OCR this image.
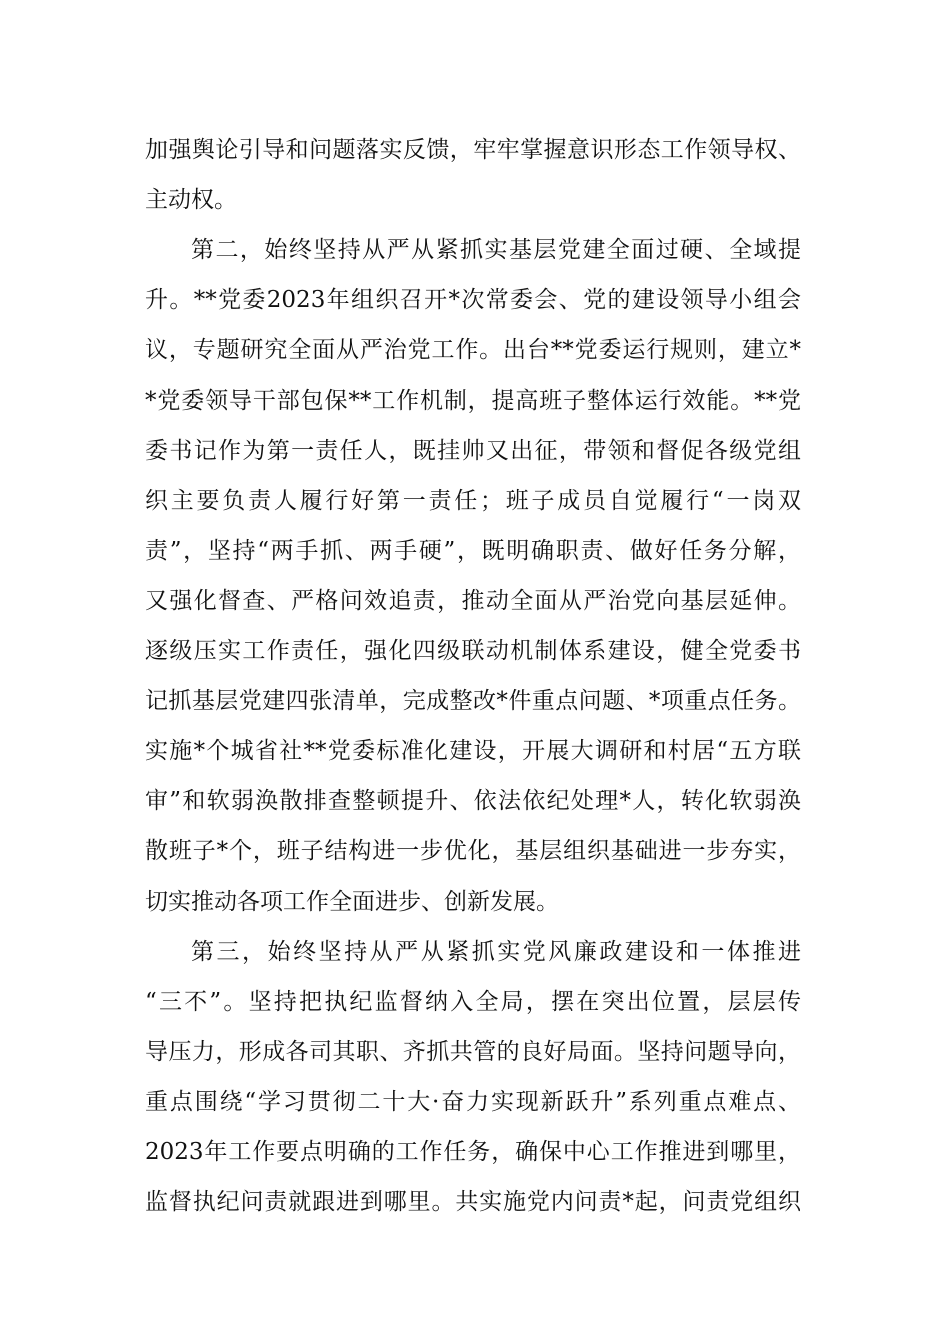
加强舆论引导和问题落实反馈，牢牢掌握意识形态工作领导权、
主动权。
第二，始终坚持从严从紧抓实基层党建全面过硬、全域提
升。**党委2023年组织召开*次常委会、党的建设领导小组会
议，专题研究全面从严治党工作。出台**党委运行规则，建立*
*党委领导干部包保**工作机制，提高班子整体运行效能。**党
委书记作为第一责任人，既挂帅又出征，带领和督促各级党组
织主要负责人履行好第一责任；班子成员自觉履行“一岗双
责”，坚持“两手抓、两手硬”，既明确职责、做好任务分解，
又强化督查、严格问效追责，推动全面从严治党向基层延伸。
逐级压实工作责任，强化四级联动机制体系建设，健全党委书
记抓基层党建四张清单，完成整改*件重点问题、*项重点任务。
实施*个城省社**党委标准化建设，开展大调研和村居“五方联
审”和软弱涣散排查整顿提升、依法依纪处理*人，转化软弱涣
散班子*个，班子结构进一步优化，基层组织基础进一步夯实，
切实推动各项工作全面进步、创新发展。
第三，始终坚持从严从紧抓实党风廉政建设和一体推进
“三不”。坚持把执纪监督纳入全局，摆在突出位置，层层传
导压力，形成各司其职、齐抓共管的良好局面。坚持问题导向，
重点围绕“学习贯彻二十大·奋力实现新跃升”系列重点难点、
2023年工作要点明确的工作任务，确保中心工作推进到哪里，
监督执纪问责就跟进到哪里。共实施党内问责*起，问责党组织
